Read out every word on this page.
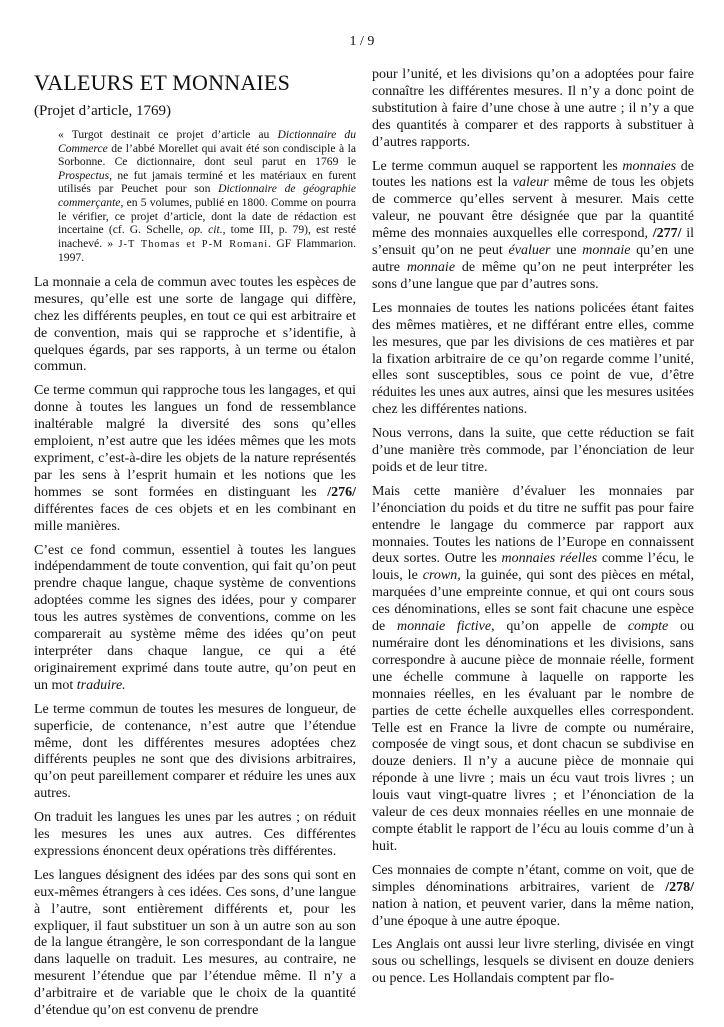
1 / 9
VALEURS ET MONNAIES
(Projet d’article, 1769)
« Turgot destinait ce projet d’article au Dictionnaire du Commerce de l’abbé Morellet qui avait été son condisciple à la Sorbonne. Ce dictionnaire, dont seul parut en 1769 le Prospectus, ne fut jamais terminé et les matériaux en furent utilisés par Peuchet pour son Dictionnaire de géographie commerçante, en 5 volumes, publié en 1800. Comme on pourra le vérifier, ce projet d’article, dont la date de rédaction est incertaine (cf. G. Schelle, op. cit., tome III, p. 79), est resté inachevé. » J-T Thomas et P-M Romani. GF Flammarion. 1997.

La monnaie a cela de commun avec toutes les espèces de mesures, qu’elle est une sorte de langage qui diffère, chez les différents peuples, en tout ce qui est arbitraire et de convention, mais qui se rapproche et s’identifie, à quelques égards, par ses rapports, à un terme ou étalon commun.

Ce terme commun qui rapproche tous les langages, et qui donne à toutes les langues un fond de ressemblance inaltérable malgré la diversité des sons qu’elles emploient, n’est autre que les idées mêmes que les mots expriment, c’est-à-dire les objets de la nature représentés par les sens à l’esprit humain et les notions que les hommes se sont formées en distinguant les /276/ différentes faces de ces objets et en les combinant en mille manières.

C’est ce fond commun, essentiel à toutes les langues indépendamment de toute convention, qui fait qu’on peut prendre chaque langue, chaque système de conventions adoptées comme les signes des idées, pour y comparer tous les autres systèmes de conventions, comme on les comparerait au système même des idées qu’on peut interpréter dans chaque langue, ce qui a été originairement exprimé dans toute autre, qu’on peut en un mot traduire.

Le terme commun de toutes les mesures de longueur, de superficie, de contenance, n’est autre que l’étendue même, dont les différentes mesures adoptées chez différents peuples ne sont que des divisions arbitraires, qu’on peut pareillement comparer et réduire les unes aux autres.

On traduit les langues les unes par les autres ; on réduit les mesures les unes aux autres. Ces différentes expressions énoncent deux opérations très différentes.

Les langues désignent des idées par des sons qui sont en eux-mêmes étrangers à ces idées. Ces sons, d’une langue à l’autre, sont entièrement différents et, pour les expliquer, il faut substituer un son à un autre son au son de la langue étrangère, le son correspondant de la langue dans laquelle on traduit. Les mesures, au contraire, ne mesurent l’étendue que par l’étendue même. Il n’y a d’arbitraire et de variable que le choix de la quantité d’étendue qu’on est convenu de prendre

pour l’unité, et les divisions qu’on a adoptées pour faire connaître les différentes mesures. Il n’y a donc point de substitution à faire d’une chose à une autre ; il n’y a que des quantités à comparer et des rapports à substituer à d’autres rapports.

Le terme commun auquel se rapportent les monnaies de toutes les nations est la valeur même de tous les objets de commerce qu’elles servent à mesurer. Mais cette valeur, ne pouvant être désignée que par la quantité même des monnaies auxquelles elle correspond, /277/ il s’ensuit qu’on ne peut évaluer une monnaie qu’en une autre monnaie de même qu’on ne peut interpréter les sons d’une langue que par d’autres sons.

Les monnaies de toutes les nations policées étant faites des mêmes matières, et ne différant entre elles, comme les mesures, que par les divisions de ces matières et par la fixation arbitraire de ce qu’on regarde comme l’unité, elles sont susceptibles, sous ce point de vue, d’être réduites les unes aux autres, ainsi que les mesures usitées chez les différentes nations.

Nous verrons, dans la suite, que cette réduction se fait d’une manière très commode, par l’énonciation de leur poids et de leur titre.

Mais cette manière d’évaluer les monnaies par l’énonciation du poids et du titre ne suffit pas pour faire entendre le langage du commerce par rapport aux monnaies. Toutes les nations de l’Europe en connaissent deux sortes. Outre les monnaies réelles comme l’écu, le louis, le crown, la guinée, qui sont des pièces en métal, marquées d’une empreinte connue, et qui ont cours sous ces dénominations, elles se sont fait chacune une espèce de monnaie fictive, qu’on appelle de compte ou numéraire dont les dénominations et les divisions, sans correspondre à aucune pièce de monnaie réelle, forment une échelle commune à laquelle on rapporte les monnaies réelles, en les évaluant par le nombre de parties de cette échelle auxquelles elles correspondent. Telle est en France la livre de compte ou numéraire, composée de vingt sous, et dont chacun se subdivise en douze deniers. Il n’y a aucune pièce de monnaie qui réponde à une livre ; mais un écu vaut trois livres ; un louis vaut vingt-quatre livres ; et l’énonciation de la valeur de ces deux monnaies réelles en une monnaie de compte établit le rapport de l’écu au louis comme d’un à huit.

Ces monnaies de compte n’étant, comme on voit, que de simples dénominations arbitraires, varient de /278/ nation à nation, et peuvent varier, dans la même nation, d’une époque à une autre époque.

Les Anglais ont aussi leur livre sterling, divisée en vingt sous ou schellings, lesquels se divisent en douze deniers ou pence. Les Hollandais comptent par flo-
